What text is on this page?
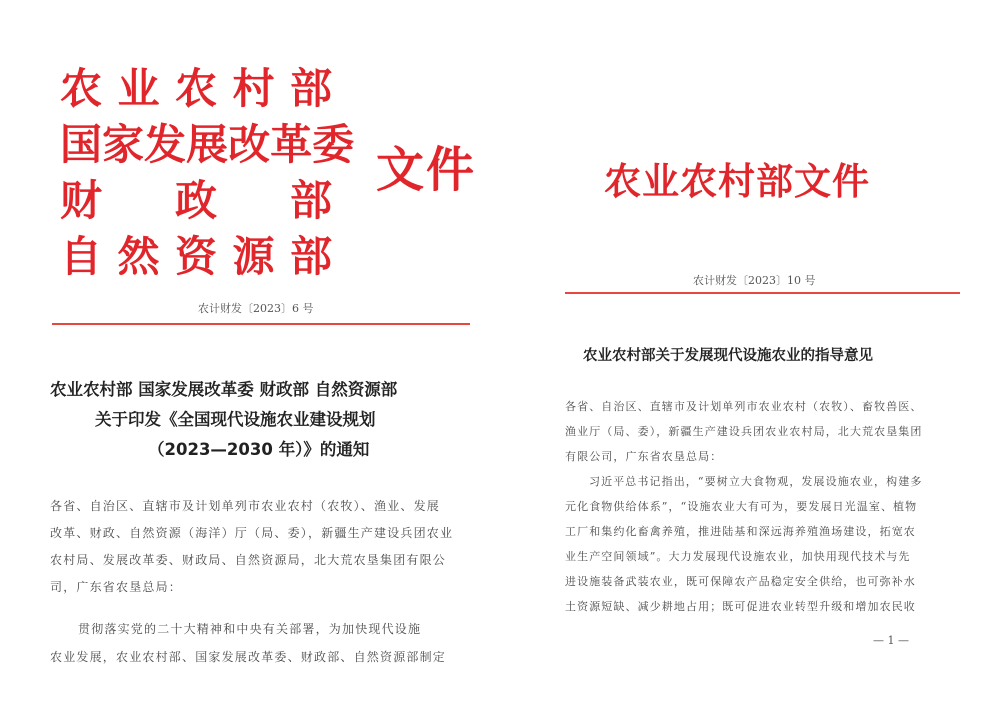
农 业 农 村 部
国 家 发 展 改 革 委
财 政 部
自 然 资 源 部
文件
农计财发〔2023〕6 号
农业农村部 国家发展改革委 财政部 自然资源部
关于印发《全国现代设施农业建设规划
（2023—2030 年）》的通知
各省、自治区、直辖市及计划单列市农业农村（农牧）、渔业、发展
改革、财政、自然资源（海洋）厅（局、委），新疆生产建设兵团农业
农村局、发展改革委、财政局、自然资源局，北大荒农垦集团有限公
司，广东省农垦总局：
贯彻落实党的二十大精神和中央有关部署，为加快现代设施
农业发展，农业农村部、国家发展改革委、财政部、自然资源部制定
农业农村部文件
农计财发〔2023〕10 号
农业农村部关于发展现代设施农业的指导意见
各省、自治区、直辖市及计划单列市农业农村（农牧）、畜牧兽医、
渔业厅（局、委），新疆生产建设兵团农业农村局，北大荒农垦集团
有限公司，广东省农垦总局：
习近平总书记指出，“要树立大食物观，发展设施农业，构建多
元化食物供给体系”，“设施农业大有可为，要发展日光温室、植物
工厂和集约化畜禽养殖，推进陆基和深远海养殖渔场建设，拓宽农
业生产空间领域”。大力发展现代设施农业，加快用现代技术与先
进设施装备武装农业，既可保障农产品稳定安全供给，也可弥补水
土资源短缺、减少耕地占用；既可促进农业转型升级和增加农民收
— 1 —
